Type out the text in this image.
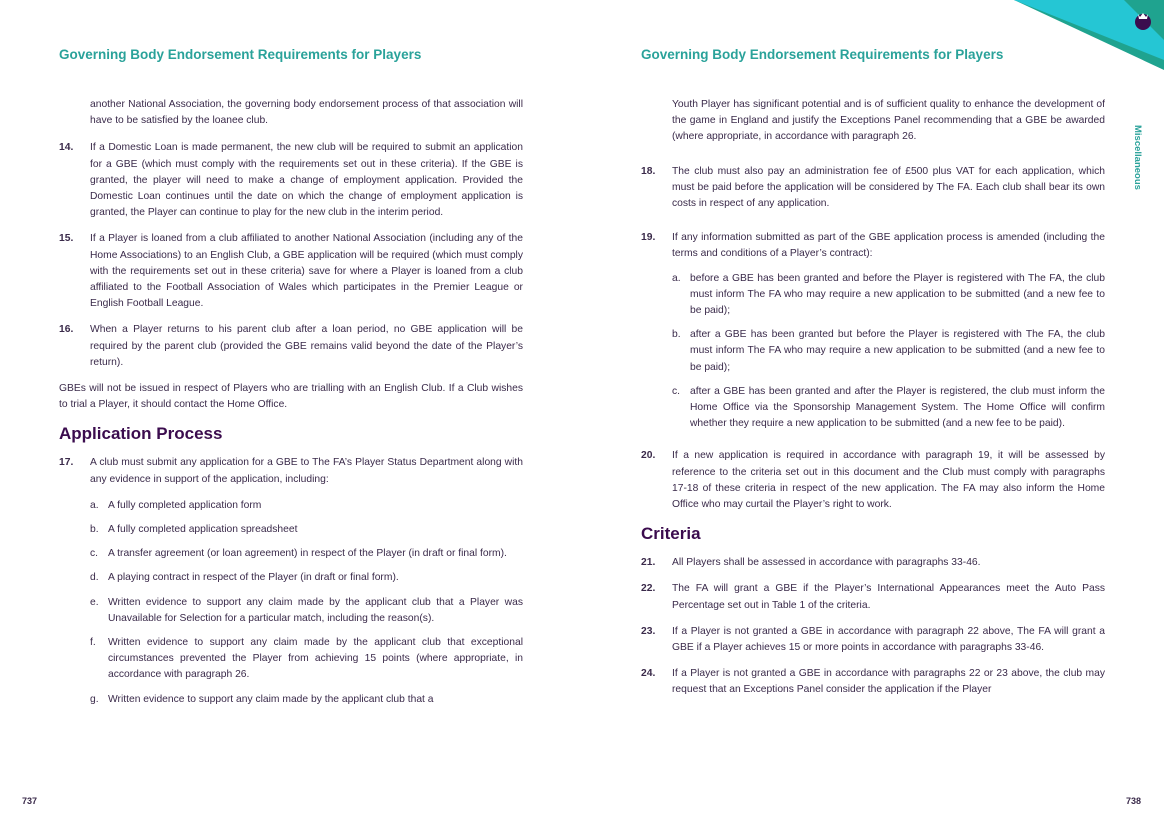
Governing Body Endorsement Requirements for Players

another National Association, the governing body endorsement process of that association will have to be satisfied by the loanee club.

14.	If a Domestic Loan is made permanent, the new club will be required to submit an application for a GBE (which must comply with the requirements set out in these criteria). If the GBE is granted, the player will need to make a change of employment application. Provided the Domestic Loan continues until the date on which the change of employment application is granted, the Player can continue to play for the new club in the interim period.

15.	If a Player is loaned from a club affiliated to another National Association (including any of the Home Associations) to an English Club, a GBE application will be required (which must comply with the requirements set out in these criteria) save for where a Player is loaned from a club affiliated to the Football Association of Wales which participates in the Premier League or English Football League.

16.	When a Player returns to his parent club after a loan period, no GBE application will be required by the parent club (provided the GBE remains valid beyond the date of the Player’s return).

GBEs will not be issued in respect of Players who are trialling with an English Club. If a Club wishes to trial a Player, it should contact the Home Office.

Application Process
17.	A club must submit any application for a GBE to The FA’s Player Status Department along with any evidence in support of the application, including:

a. A fully completed application form

b. A fully completed application spreadsheet

c. A transfer agreement (or loan agreement) in respect of the Player (in draft or final form).

d. A playing contract in respect of the Player (in draft or final form).

e. Written evidence to support any claim made by the applicant club that a Player was Unavailable for Selection for a particular match, including the reason(s).

f.	Written evidence to support any claim made by the applicant club that exceptional circumstances prevented the Player from achieving 15 points (where appropriate, in accordance with paragraph 26.

g. Written evidence to support any claim made by the applicant club that a

737
Governing Body Endorsement Requirements for Players
Miscellaneous

Youth Player has significant potential and is of sufficient quality to enhance the development of the game in England and justify the Exceptions Panel recommending that a GBE be awarded (where appropriate, in accordance with paragraph 26.

18.	The club must also pay an administration fee of £500 plus VAT for each application, which must be paid before the application will be considered by The FA. Each club shall bear its own costs in respect of any application.

19.	If any information submitted as part of the GBE application process is amended (including the terms and conditions of a Player’s contract):

a. before a GBE has been granted and before the Player is registered with The FA, the club must inform The FA who may require a new application to be submitted (and a new fee to be paid);

b. after a GBE has been granted but before the Player is registered with The FA, the club must inform The FA who may require a new application to be submitted (and a new fee to be paid);

c. after a GBE has been granted and after the Player is registered, the club must inform the Home Office via the Sponsorship Management System. The Home Office will confirm whether they require a new application to be submitted (and a new fee to be paid).

20.	If a new application is required in accordance with paragraph 19, it will be assessed by reference to the criteria set out in this document and the Club must comply with paragraphs 17-18 of these criteria in respect of the new application. The FA may also inform the Home Office who may curtail the Player’s right to work.

Criteria
21.	All Players shall be assessed in accordance with paragraphs 33-46.

22.	The FA will grant a GBE if the Player’s International Appearances meet the Auto Pass Percentage set out in Table 1 of the criteria.

23.	If a Player is not granted a GBE in accordance with paragraph 22 above, The FA will grant a GBE if a Player achieves 15 or more points in accordance with paragraphs 33-46.

24.	If a Player is not granted a GBE in accordance with paragraphs 22 or 23 above, the club may request that an Exceptions Panel consider the application if the Player

738
